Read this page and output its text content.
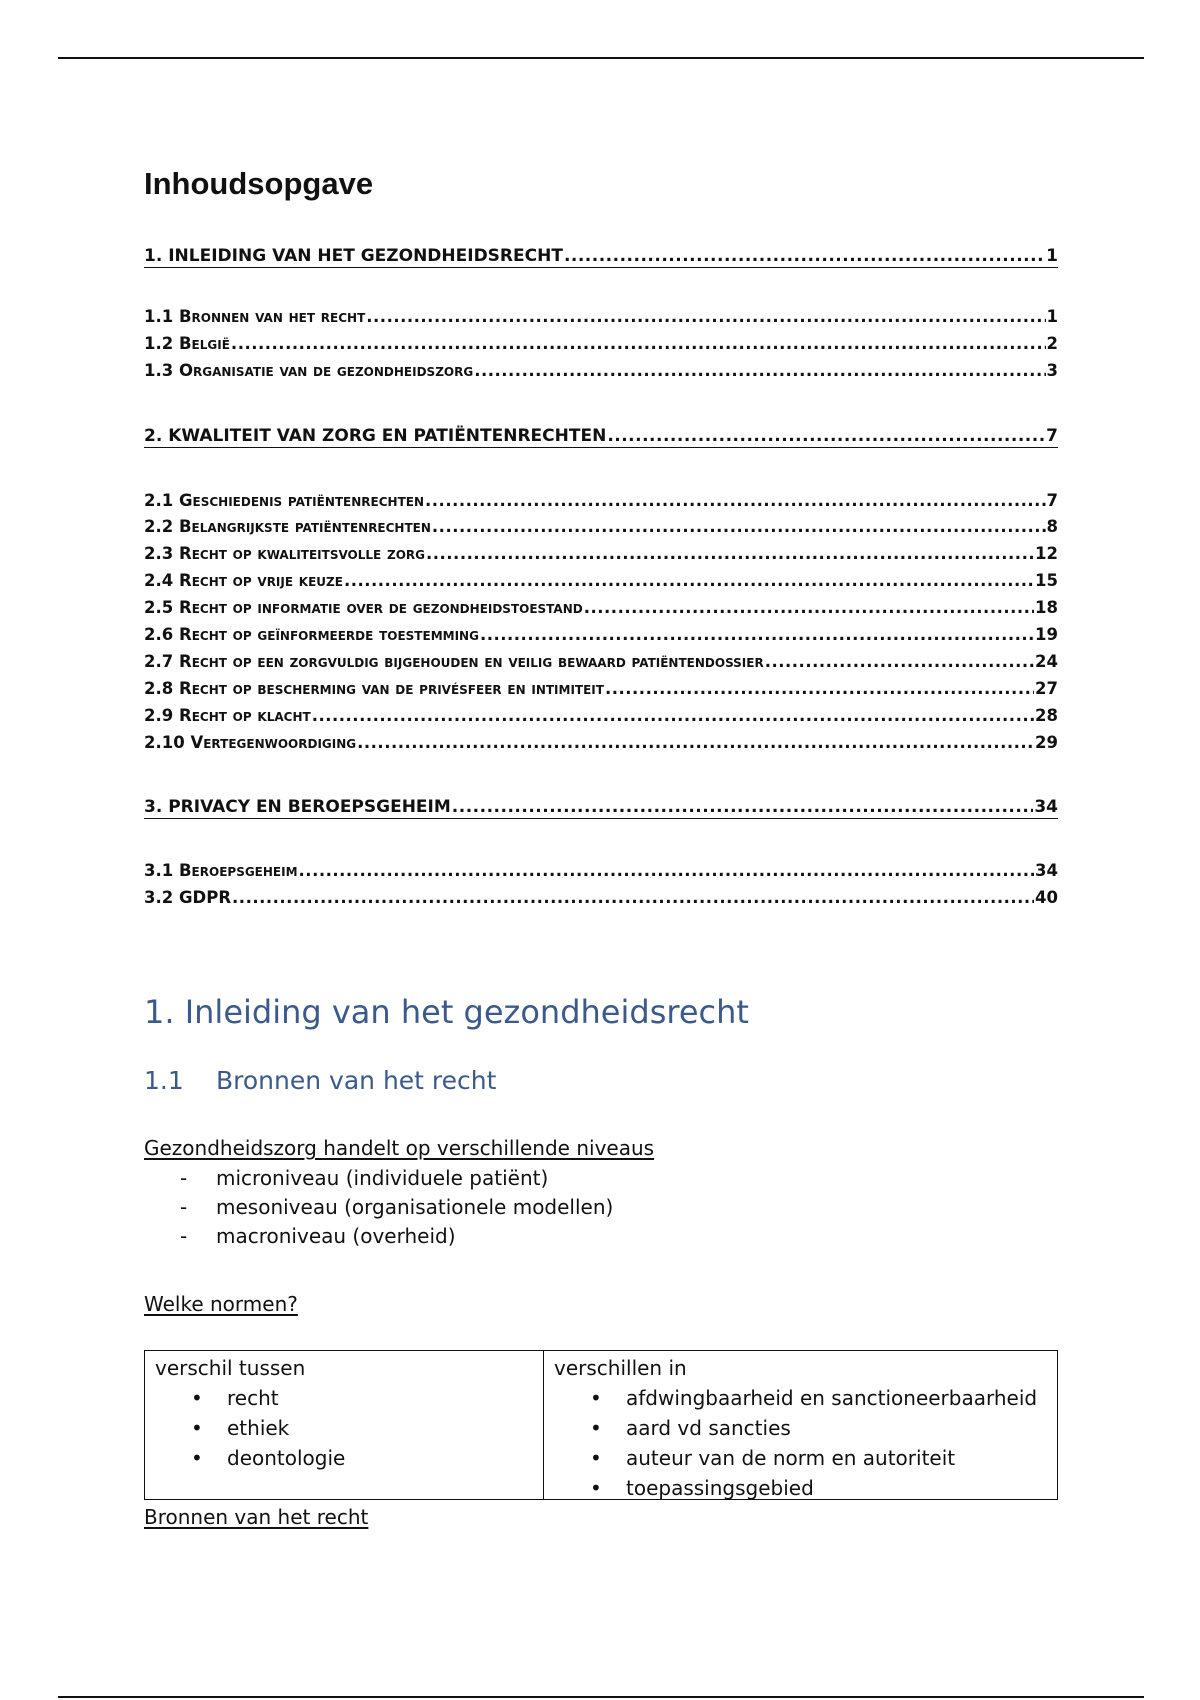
Inhoudsopgave
1. INLEIDING VAN HET GEZONDHEIDSRECHT .....	1
1.1 Bronnen van het recht .....	1
1.2 België .....	2
1.3 Organisatie van de gezondheidszorg .....	3
2. KWALITEIT VAN ZORG EN PATIËNTENRECHTEN .....	7
2.1 Geschiedenis patiëntenrechten .....	7
2.2 Belangrijkste patiëntenrechten .....	8
2.3 Recht op kwaliteitsvolle zorg .....	12
2.4 Recht op vrije keuze .....	15
2.5 Recht op informatie over de gezondheidstoestand .....	18
2.6 Recht op geïnformeerde toestemming .....	19
2.7 Recht op een zorgvuldig bijgehouden en veilig bewaard patiëntendossier .....	24
2.8 Recht op bescherming van de privésfeer en intimiteit .....	27
2.9 Recht op klacht .....	28
2.10 Vertegenwoordiging .....	29
3. PRIVACY EN BEROEPSGEHEIM .....	34
3.1 Beroepsgeheim .....	34
3.2 GDPR .....	40
1. Inleiding van het gezondheidsrecht
1.1 Bronnen van het recht
Gezondheidszorg handelt op verschillende niveaus
-	microniveau (individuele patiënt)
-	mesoniveau (organisationele modellen)
-	macroniveau (overheid)
Welke normen?
verschil tussen
•	recht
•	ethiek
•	deontologie
verschillen in
•	afdwingbaarheid en sanctioneerbaarheid
•	aard vd sancties
•	auteur van de norm en autoriteit
•	toepassingsgebied
Bronnen van het recht
